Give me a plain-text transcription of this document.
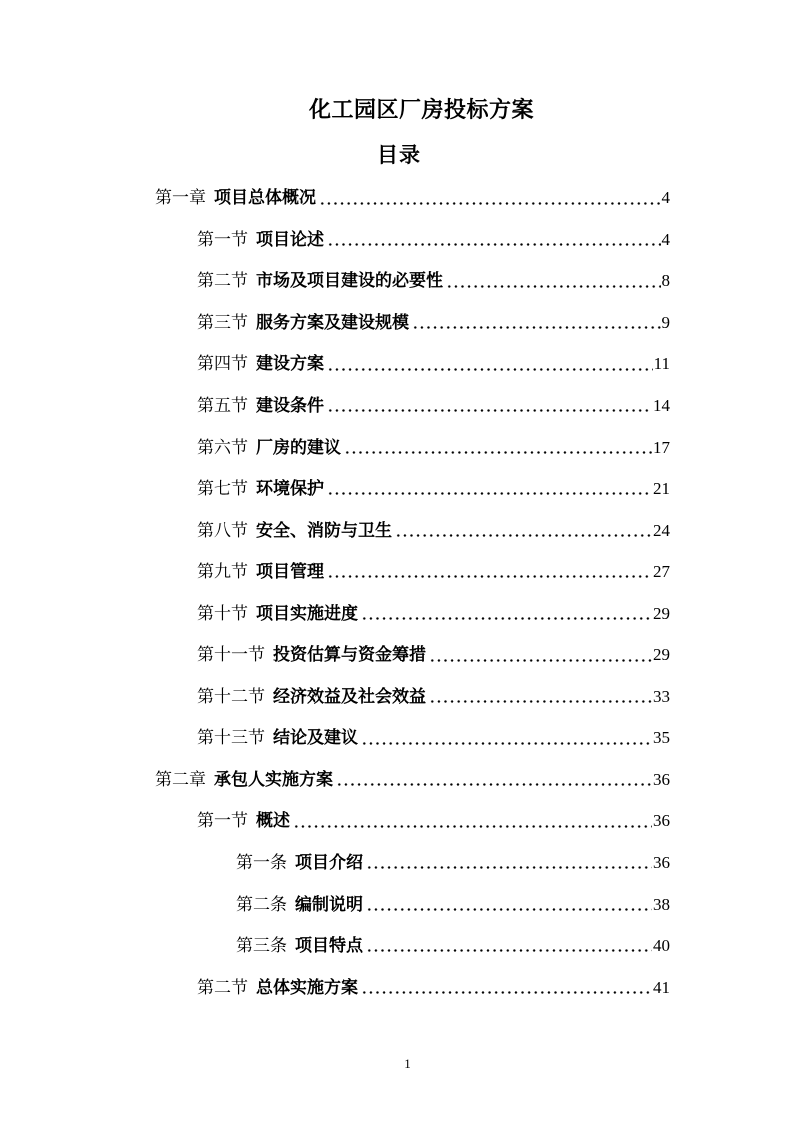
化工园区厂房投标方案
目录
第一章 项目总体概况	4
第一节 项目论述	4
第二节 市场及项目建设的必要性	8
第三节 服务方案及建设规模	9
第四节 建设方案	11
第五节 建设条件	14
第六节 厂房的建议	17
第七节 环境保护	21
第八节 安全、消防与卫生	24
第九节 项目管理	27
第十节 项目实施进度	29
第十一节 投资估算与资金筹措	29
第十二节 经济效益及社会效益	33
第十三节 结论及建议	35
第二章 承包人实施方案	36
第一节 概述	36
第一条 项目介绍	36
第二条 编制说明	38
第三条 项目特点	40
第二节 总体实施方案	41
1
